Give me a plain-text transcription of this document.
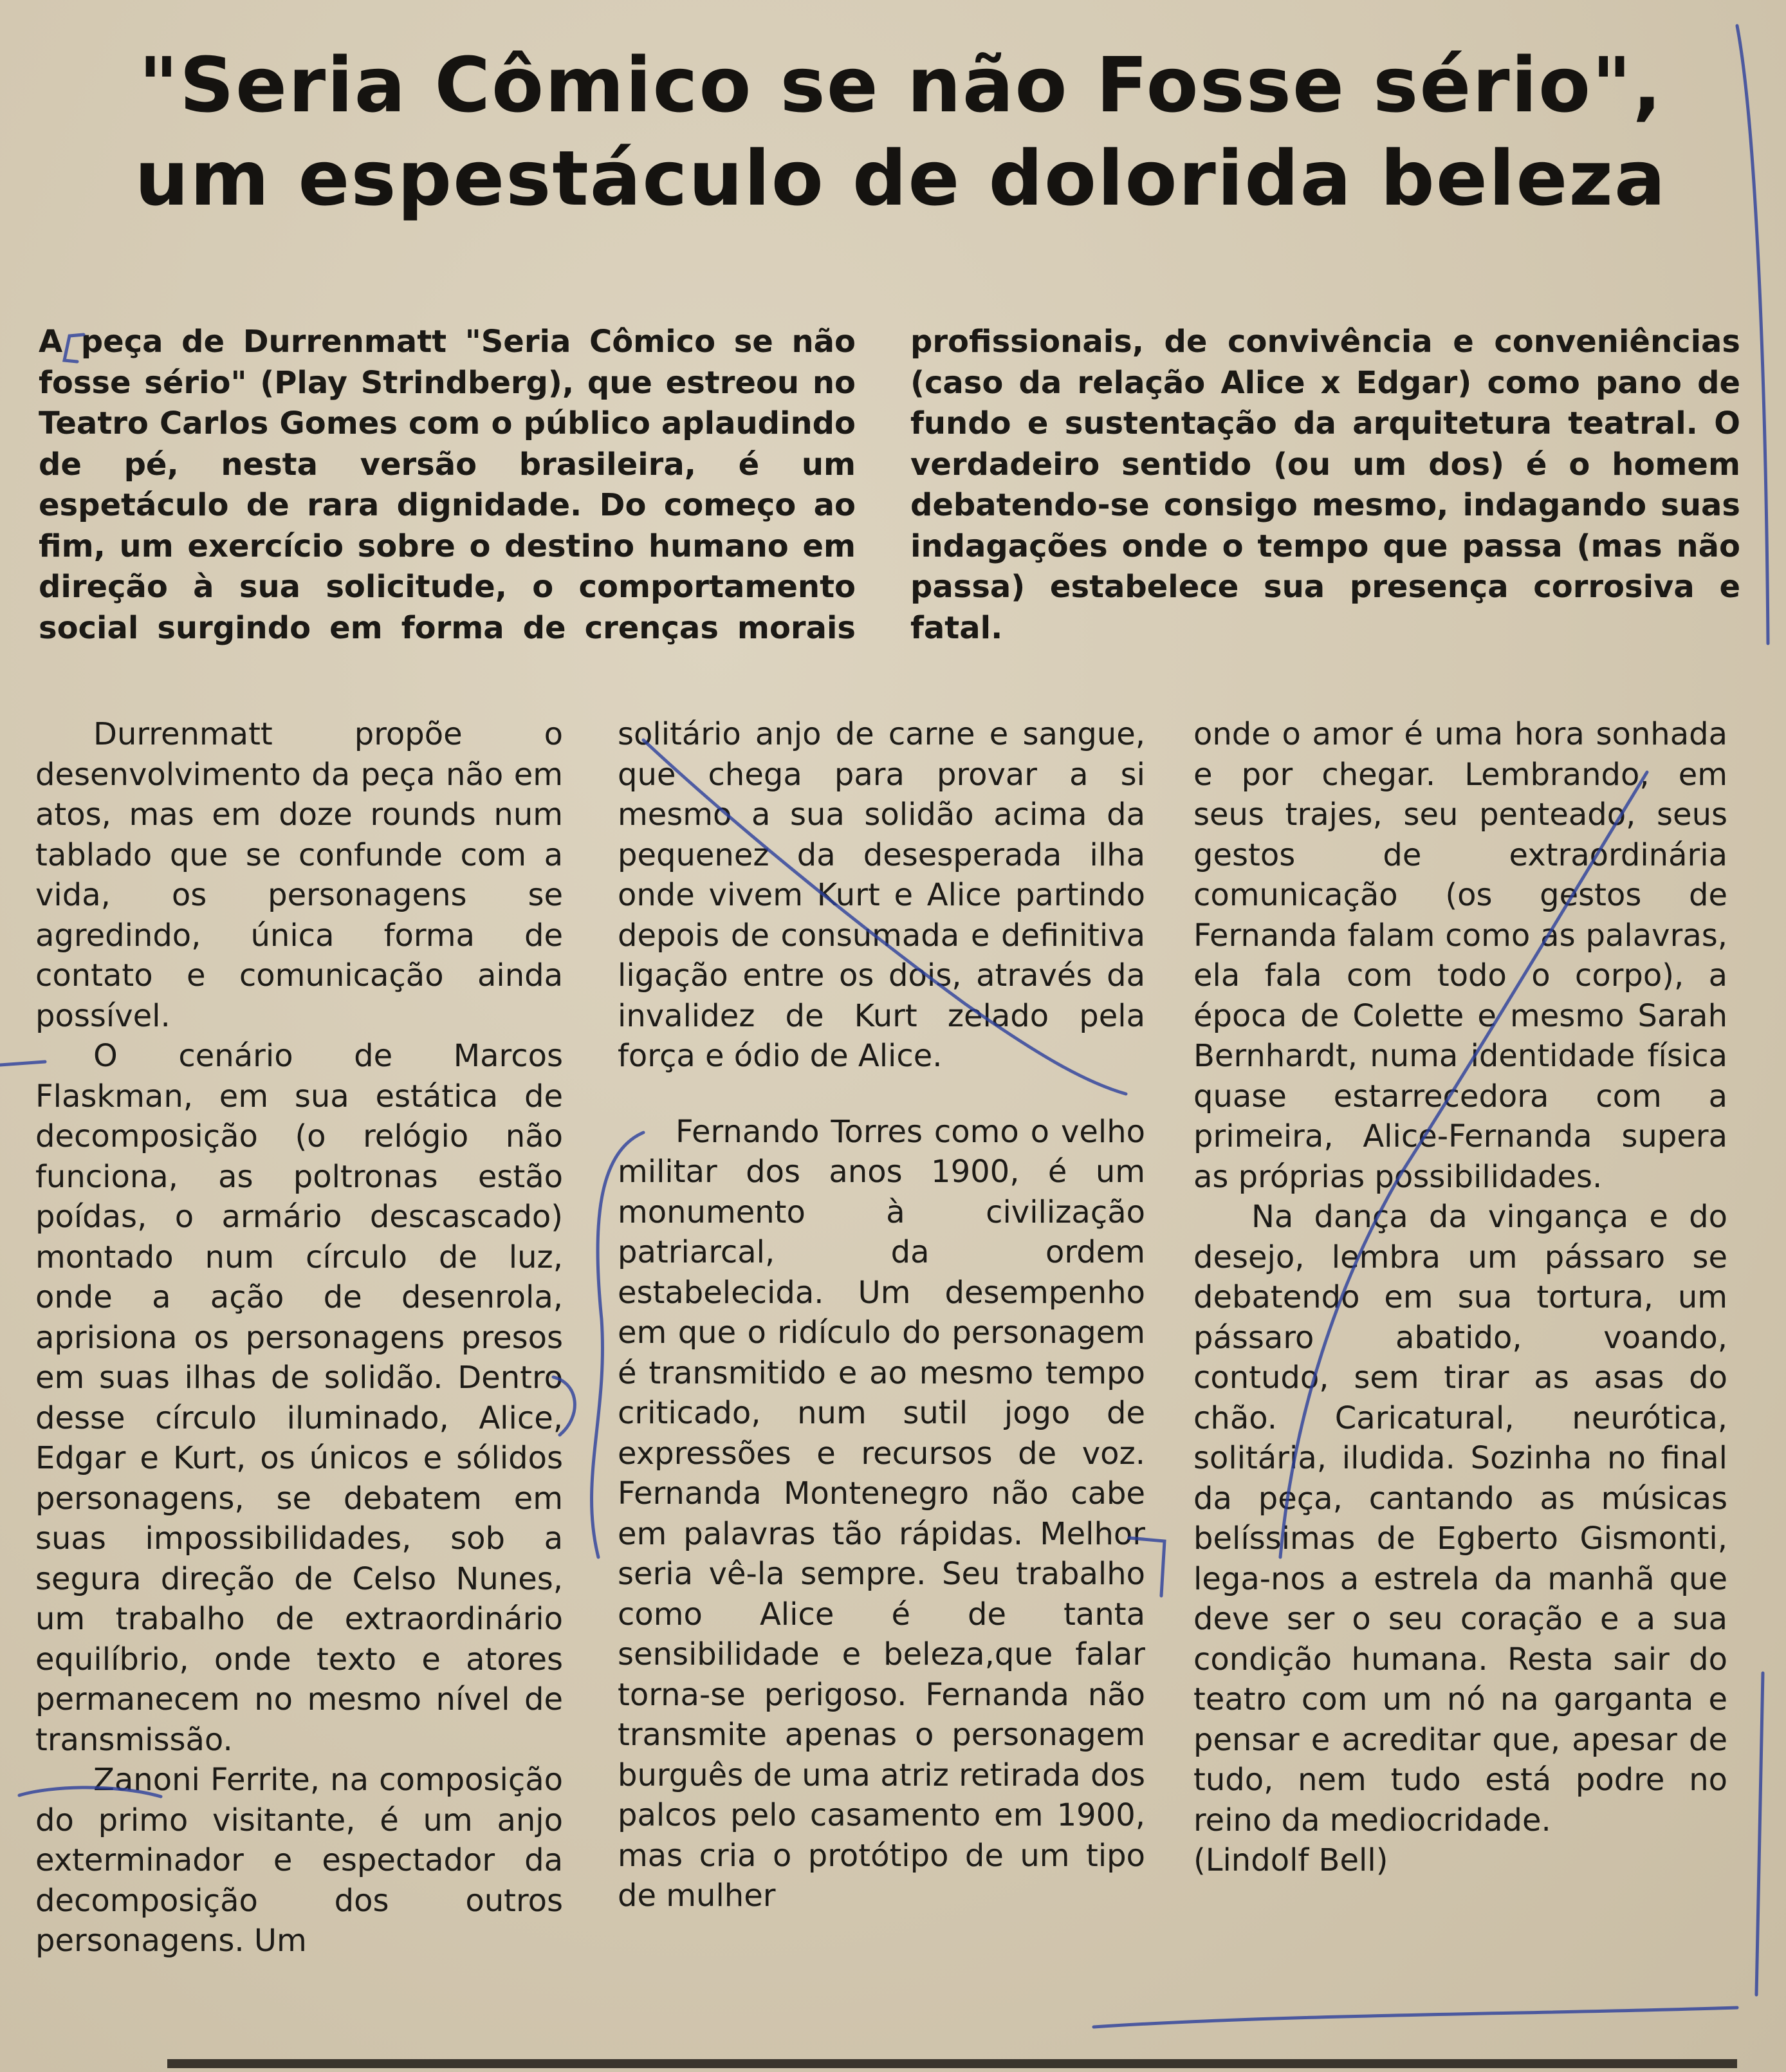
"Seria Cômico se não Fosse sério",
um espestáculo de dolorida beleza

A peça de Durrenmatt "Seria Cômico se não fosse sério" (Play Strindberg), que estreou no Teatro Carlos Gomes com o público aplaudindo de pé, nesta versão brasileira, é um espetáculo de rara dignidade. Do começo ao fim, um exercício sobre o destino humano em direção à sua solicitude, o comportamento social surgindo em forma de crenças morais

profissionais, de convivência e conveniências (caso da relação Alice x Edgar) como pano de fundo e sustentação da arquitetura teatral. O verdadeiro sentido (ou um dos) é o homem debatendo-se consigo mesmo, indagando suas indagações onde o tempo que passa (mas não passa) estabelece sua presença corrosiva e fatal.

Durrenmatt propõe o desenvolvimento da peça não em atos, mas em doze rounds num tablado que se confunde com a vida, os personagens se agredindo, única forma de contato e comunicação ainda possível.

O cenário de Marcos Flaskman, em sua estática de decomposição (o relógio não funciona, as poltronas estão poídas, o armário descascado) montado num círculo de luz, onde a ação de desenrola, aprisiona os personagens presos em suas ilhas de solidão. Dentro desse círculo iluminado, Alice, Edgar e Kurt, os únicos e sólidos personagens, se debatem em suas impossibilidades, sob a segura direção de Celso Nunes, um trabalho de extraordinário equilíbrio, onde texto e atores permanecem no mesmo nível de transmissão.

Zanoni Ferrite, na composição do primo visitante, é um anjo exterminador e espectador da decomposição dos outros personagens. Um

solitário anjo de carne e sangue, que chega para provar a si mesmo a sua solidão acima da pequenez da desesperada ilha onde vivem Kurt e Alice partindo depois de consumada e definitiva ligação entre os dois, através da invalidez de Kurt zelado pela força e ódio de Alice.

Fernando Torres como o velho militar dos anos 1900, é um monumento à civilização patriarcal, da ordem estabelecida. Um desempenho em que o ridículo do personagem é transmitido e ao mesmo tempo criticado, num sutil jogo de expressões e recursos de voz. Fernanda Montenegro não cabe em palavras tão rápidas. Melhor seria vê-la sempre. Seu trabalho como Alice é de tanta sensibilidade e beleza,que falar torna-se perigoso. Fernanda não transmite apenas o personagem burguês de uma atriz retirada dos palcos pelo casamento em 1900, mas cria o protótipo de um tipo de mulher

onde o amor é uma hora sonhada e por chegar. Lembrando, em seus trajes, seu penteado, seus gestos de extraordinária comunicação (os gestos de Fernanda falam como as palavras, ela fala com todo o corpo), a época de Colette e mesmo Sarah Bernhardt, numa identidade física quase estarrecedora com a primeira, Alice-Fernanda supera as próprias possibilidades.

Na dança da vingança e do desejo, lembra um pássaro se debatendo em sua tortura, um pássaro abatido, voando, contudo, sem tirar as asas do chão. Caricatural, neurótica, solitária, iludida. Sozinha no final da peça, cantando as músicas belíssimas de Egberto Gismonti, lega-nos a estrela da manhã que deve ser o seu coração e a sua condição humana. Resta sair do teatro com um nó na garganta e pensar e acreditar que, apesar de tudo, nem tudo está podre no reino da mediocridade.

(Lindolf Bell)
